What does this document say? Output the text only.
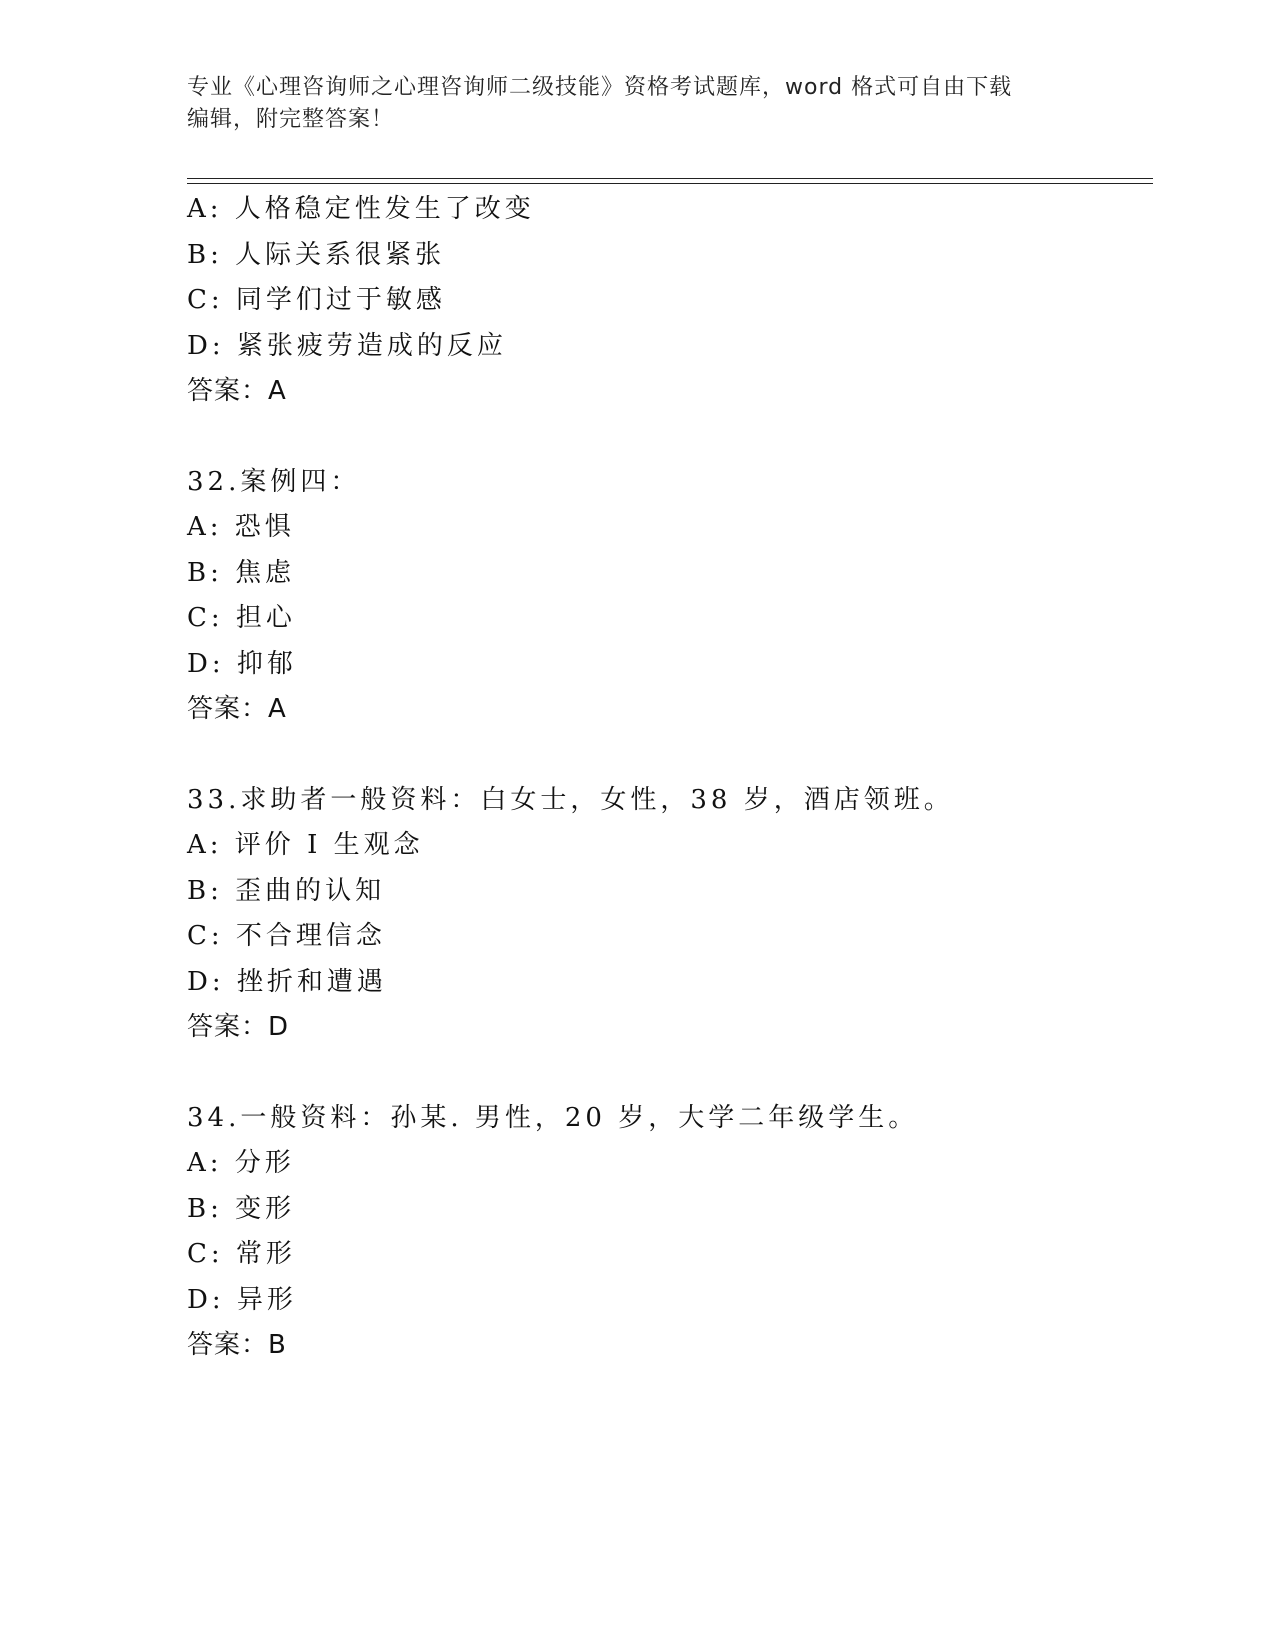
专业《心理咨询师之心理咨询师二级技能》资格考试题库，word 格式可自由下载
编辑，附完整答案！
A: 人格稳定性发生了改变
B: 人际关系很紧张
C: 同学们过于敏感
D: 紧张疲劳造成的反应
答案：A
32.案例四：
A: 恐惧
B: 焦虑
C: 担心
D: 抑郁
答案：A
33.求助者一般资料：白女士，女性，38 岁，酒店领班。
A: 评价 I 生观念
B: 歪曲的认知
C: 不合理信念
D: 挫折和遭遇
答案：D
34.一般资料：孙某. 男性，20 岁，大学二年级学生。
A: 分形
B: 变形
C: 常形
D: 异形
答案：B
